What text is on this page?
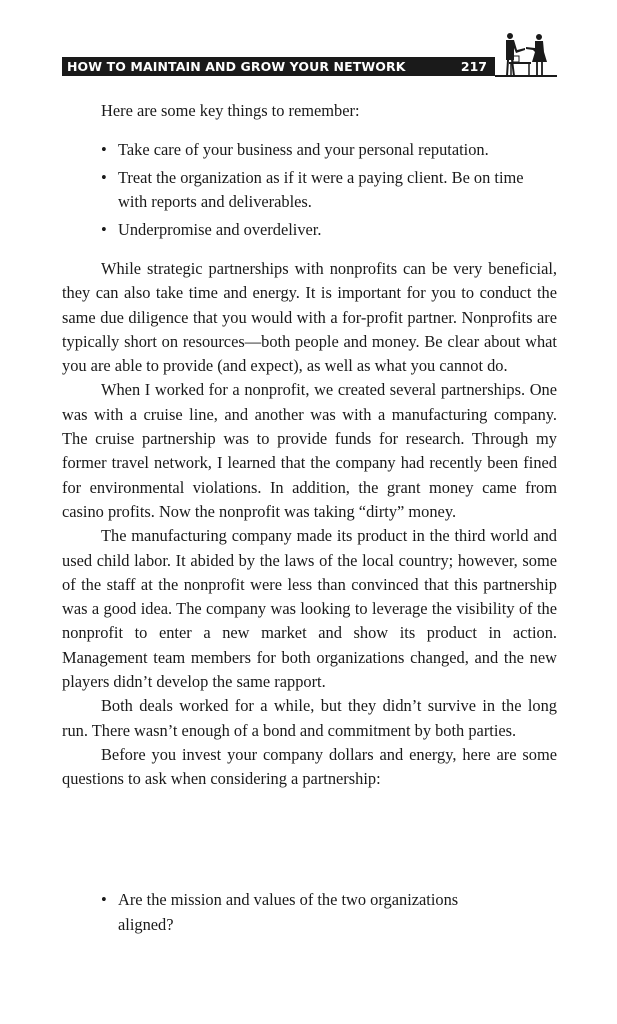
HOW TO MAINTAIN AND GROW YOUR NETWORK	217
Here are some key things to remember:

• Take care of your business and your personal reputation.

• Treat the organization as if it were a paying client. Be on time with reports and deliverables.

• Underpromise and overdeliver.

While strategic partnerships with nonprofits can be very beneficial, they can also take time and energy. It is important for you to conduct the same due diligence that you would with a for-profit partner. Nonprofits are typically short on resources—both people and money. Be clear about what you are able to provide (and expect), as well as what you cannot do.

When I worked for a nonprofit, we created several partnerships. One was with a cruise line, and another was with a manufacturing company. The cruise partnership was to provide funds for research. Through my former travel network, I learned that the company had recently been fined for environmental violations. In addition, the grant money came from casino profits. Now the nonprofit was taking “dirty” money.

The manufacturing company made its product in the third world and used child labor. It abided by the laws of the local country; however, some of the staff at the nonprofit were less than convinced that this partnership was a good idea. The company was looking to leverage the visibility of the nonprofit to enter a new market and show its product in action. Management team members for both organizations changed, and the new players didn’t develop the same rapport.

Both deals worked for a while, but they didn’t survive in the long run. There wasn’t enough of a bond and commitment by both parties.

Before you invest your company dollars and energy, here are some questions to ask when considering a partnership:

• Are the mission and values of the two organizations aligned?
